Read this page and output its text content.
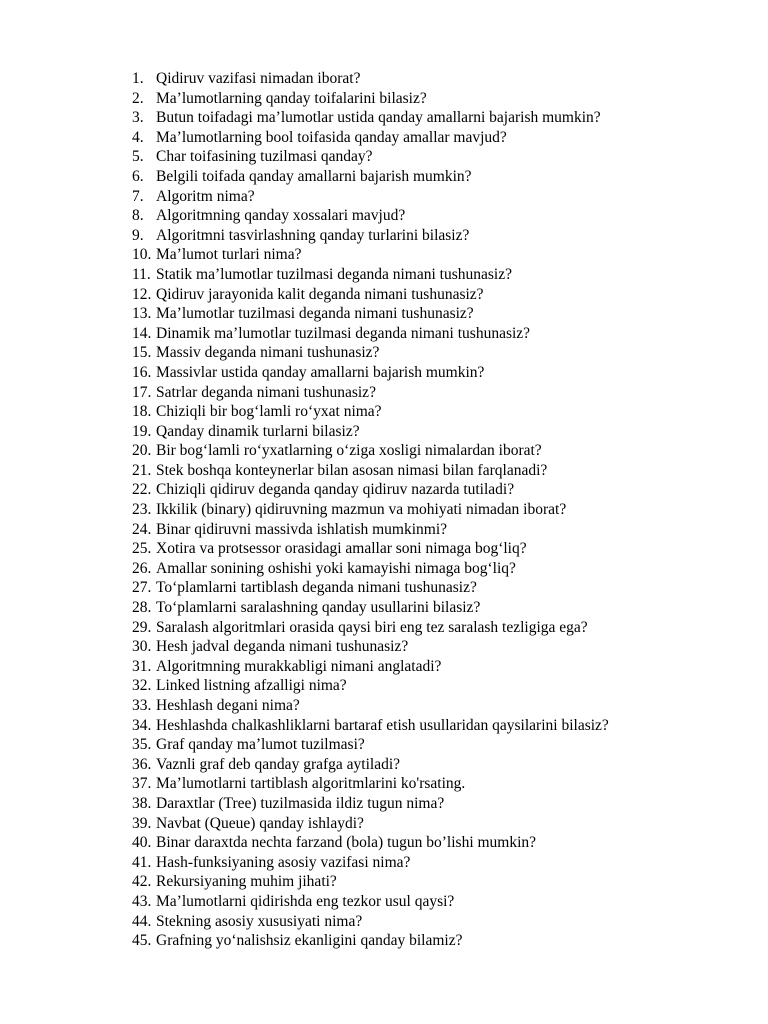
1. Qidiruv vazifasi nimadan iborat?
2. Ma’lumotlarning qanday toifalarini bilasiz?
3. Butun toifadagi ma’lumotlar ustida qanday amallarni bajarish mumkin?
4. Ma’lumotlarning bool toifasida qanday amallar mavjud?
5. Char toifasining tuzilmasi qanday?
6. Belgili toifada qanday amallarni bajarish mumkin?
7. Algoritm nima?
8. Algoritmning qanday xossalari mavjud?
9. Algoritmni tasvirlashning qanday turlarini bilasiz?
10. Ma’lumot turlari nima?
11. Statik ma’lumotlar tuzilmasi deganda nimani tushunasiz?
12. Qidiruv jarayonida kalit deganda nimani tushunasiz?
13. Ma’lumotlar tuzilmasi deganda nimani tushunasiz?
14. Dinamik ma’lumotlar tuzilmasi deganda nimani tushunasiz?
15. Massiv deganda nimani tushunasiz?
16. Massivlar ustida qanday amallarni bajarish mumkin?
17. Satrlar deganda nimani tushunasiz?
18. Chiziqli bir bog‘lamli ro‘yxat nima?
19. Qanday dinamik turlarni bilasiz?
20. Bir bog‘lamli ro‘yxatlarning o‘ziga xosligi nimalardan iborat?
21. Stek boshqa konteynerlar bilan asosan nimasi bilan farqlanadi?
22. Chiziqli qidiruv deganda qanday qidiruv nazarda tutiladi?
23. Ikkilik (binary) qidiruvning mazmun va mohiyati nimadan iborat?
24. Binar qidiruvni massivda ishlatish mumkinmi?
25. Xotira va protsessor orasidagi amallar soni nimaga bog‘liq?
26. Amallar sonining oshishi yoki kamayishi nimaga bog‘liq?
27. To‘plamlarni tartiblash deganda nimani tushunasiz?
28. To‘plamlarni saralashning qanday usullarini bilasiz?
29. Saralash algoritmlari orasida qaysi biri eng tez saralash tezligiga ega?
30. Hesh jadval deganda nimani tushunasiz?
31. Algoritmning murakkabligi nimani anglatadi?
32. Linked listning afzalligi nima?
33. Heshlash degani nima?
34. Heshlashda chalkashliklarni bartaraf etish usullaridan qaysilarini bilasiz?
35. Graf qanday ma’lumot tuzilmasi?
36. Vaznli graf deb qanday grafga aytiladi?
37. Ma’lumotlarni tartiblash algoritmlarini ko'rsating.
38. Daraxtlar (Tree) tuzilmasida ildiz tugun nima?
39. Navbat (Queue) qanday ishlaydi?
40. Binar daraxtda nechta farzand (bola) tugun bo’lishi mumkin?
41. Hash-funksiyaning asosiy vazifasi nima?
42. Rekursiyaning muhim jihati?
43. Ma’lumotlarni qidirishda eng tezkor usul qaysi?
44. Stekning asosiy xususiyati nima?
45. Grafning yo‘nalishsiz ekanligini qanday bilamiz?
